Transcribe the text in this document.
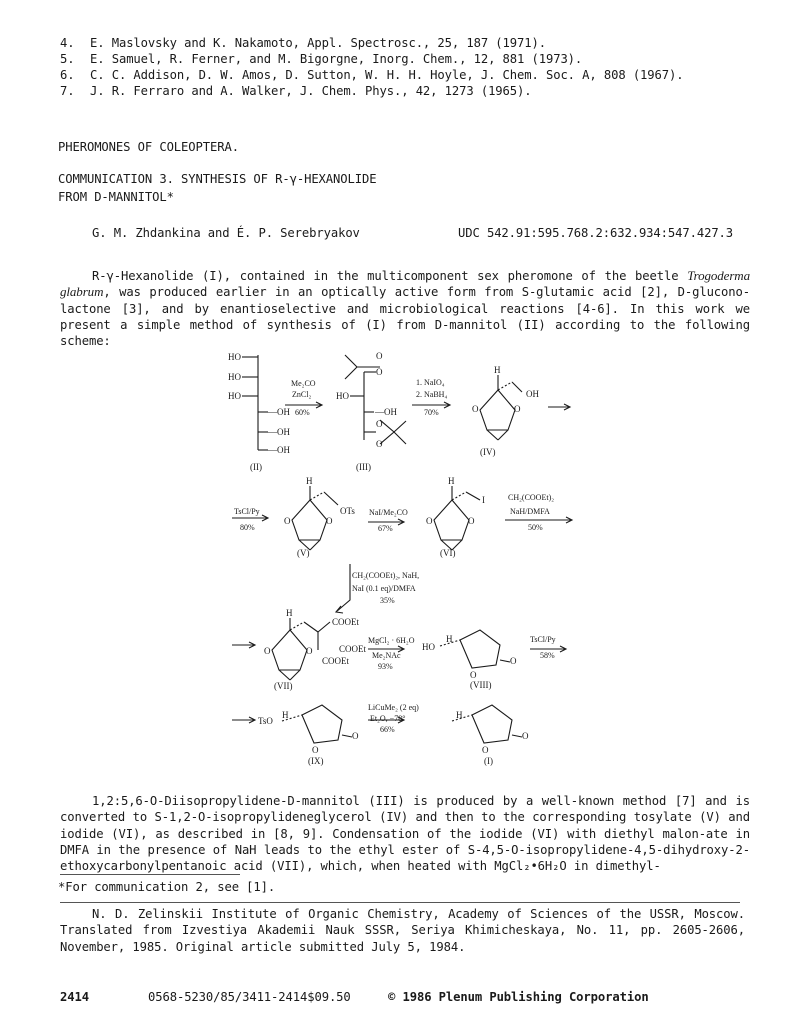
4. E. Maslovsky and K. Nakamoto, Appl. Spectrosc., 25, 187 (1971).
5. E. Samuel, R. Ferner, and M. Bigorgne, Inorg. Chem., 12, 881 (1973).
6. C. C. Addison, D. W. Amos, D. Sutton, W. H. H. Hoyle, J. Chem. Soc. A, 808 (1967).
7. J. R. Ferraro and A. Walker, J. Chem. Phys., 42, 1273 (1965).
PHEROMONES OF COLEOPTERA.
COMMUNICATION 3. SYNTHESIS OF R-γ-HEXANOLIDE
FROM D-MANNITOL*
G. M. Zhdankina and É. P. Serebryakov	UDC 542.91:595.768.2:632.934:547.427.3
R-γ-Hexanolide (I), contained in the multicomponent sex pheromone of the beetle Trogoderma glabrum, was produced earlier in an optically active form from S-glutamic acid [2], D-glucono-lactone [3], and by enantioselective and microbiological reactions [4-6]. In this work we present a simple method of synthesis of (I) from D-mannitol (II) according to the following scheme:
HO
HO
HO
—OH
—OH
—OH
(II)
Me₂CO
ZnCl₂
60%
O
O
HO
—OH
O
O
(III)
1. NaIO₄
2. NaBH₄
70%
H
OH
O	O
(IV)
TsCl/Py
80%
H
OTs
O	O
(V)
NaI/Me₂CO
67%
H
I
O	O
(VI)
CH₂(COOEt)₂
NaH/DMFA
50%
CH₂(COOEt)₂, NaH,
NaI (0.1 eq)/DMFA
35%
H
COOEt
COOEt
COOEt
O	O
(VII)
MgCl₂ · 6H₂O
Me₂NAc
93%
HO
H
O
O
(VIII)
TsCl/Py
58%
TsO
H
O
O
(IX)
LiCuMe₂ (2 eq)
Et₂O, −78°
66%
H
O
O
(I)
1,2:5,6-O-Diisopropylidene-D-mannitol (III) is produced by a well-known method [7] and is converted to S-1,2-O-isopropylideneglycerol (IV) and then to the corresponding tosylate (V) and iodide (VI), as described in [8, 9]. Condensation of the iodide (VI) with diethyl malon-ate in DMFA in the presence of NaH leads to the ethyl ester of S-4,5-O-isopropylidene-4,5-dihydroxy-2-ethoxycarbonylpentanoic acid (VII), which, when heated with MgCl₂•6H₂O in dimethyl-
*For communication 2, see [1].
N. D. Zelinskii Institute of Organic Chemistry, Academy of Sciences of the USSR, Moscow. Translated from Izvestiya Akademii Nauk SSSR, Seriya Khimicheskaya, No. 11, pp. 2605-2606, November, 1985. Original article submitted July 5, 1984.
2414	0568-5230/85/3411-2414$09.50	© 1986 Plenum Publishing Corporation
